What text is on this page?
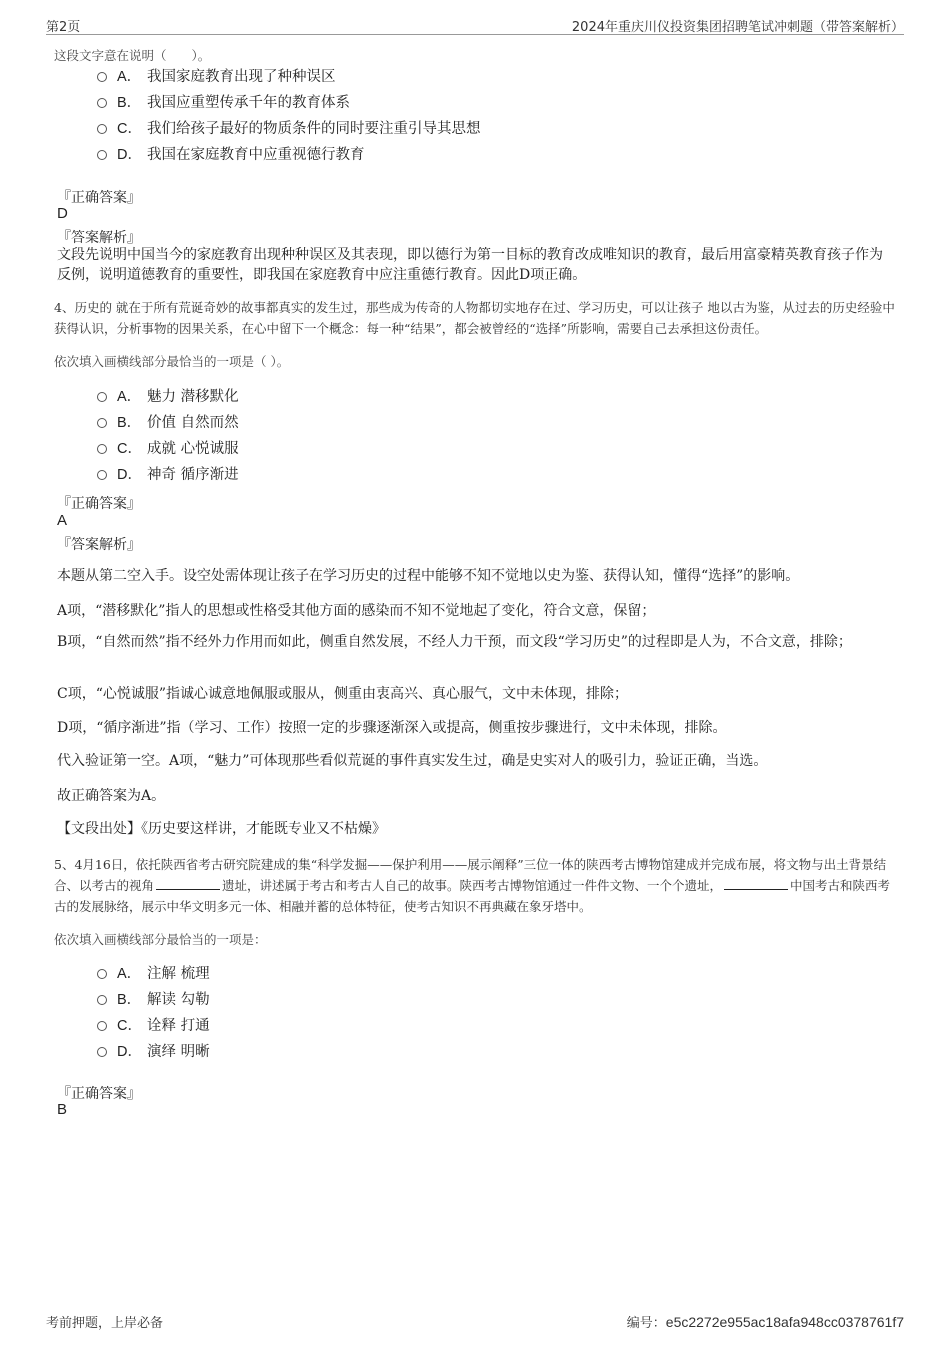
第2页	2024年重庆川仪投资集团招聘笔试冲刺题（带答案解析）
这段文字意在说明（　　）。
A． 我国家庭教育出现了种种误区
B． 我国应重塑传承千年的教育体系
C． 我们给孩子最好的物质条件的同时要注重引导其思想
D． 我国在家庭教育中应重视德行教育
『正确答案』
D
『答案解析』
文段先说明中国当今的家庭教育出现种种误区及其表现，即以德行为第一目标的教育改成唯知识的教育，最后用富豪精英教育孩子作为反例，说明道德教育的重要性，即我国在家庭教育中应注重德行教育。因此D项正确。
4、历史的 就在于所有荒诞奇妙的故事都真实的发生过，那些成为传奇的人物都切实地存在过、学习历史，可以让孩子 地以古为鉴，从过去的历史经验中获得认识，分析事物的因果关系，在心中留下一个概念：每一种“结果”，都会被曾经的“选择”所影响，需要自己去承担这份责任。
依次填入画横线部分最恰当的一项是（ ）。
A． 魅力 潜移默化
B． 价值 自然而然
C． 成就 心悦诚服
D． 神奇 循序渐进
『正确答案』
A
『答案解析』
本题从第二空入手。设空处需体现让孩子在学习历史的过程中能够不知不觉地以史为鉴、获得认知，懂得“选择”的影响。
A项，“潜移默化”指人的思想或性格受其他方面的感染而不知不觉地起了变化，符合文意，保留；
B项，“自然而然”指不经外力作用而如此，侧重自然发展，不经人力干预，而文段“学习历史”的过程即是人为，不合文意，排除；
C项，“心悦诚服”指诚心诚意地佩服或服从，侧重由衷高兴、真心服气，文中未体现，排除；
D项，“循序渐进”指（学习、工作）按照一定的步骤逐渐深入或提高，侧重按步骤进行，文中未体现，排除。
代入验证第一空。A项，“魅力”可体现那些看似荒诞的事件真实发生过，确是史实对人的吸引力，验证正确，当选。
故正确答案为A。
【文段出处】《历史要这样讲，才能既专业又不枯燥》
5、4月16日，依托陕西省考古研究院建成的集“科学发掘——保护利用——展示阐释”三位一体的陕西考古博物馆建成并完成布展，将文物与出土背景结合、以考古的视角	遗址，讲述属于考古和考古人自己的故事。陕西考古博物馆通过一件件文物、一个个遗址，	中国考古和陕西考古的发展脉络，展示中华文明多元一体、相融并蓄的总体特征，使考古知识不再典藏在象牙塔中。
依次填入画横线部分最恰当的一项是：
A． 注解 梳理
B． 解读 勾勒
C． 诠释 打通
D． 演绎 明晰
『正确答案』
B
考前押题，上岸必备	编号：e5c2272e955ac18afa948cc0378761f7
